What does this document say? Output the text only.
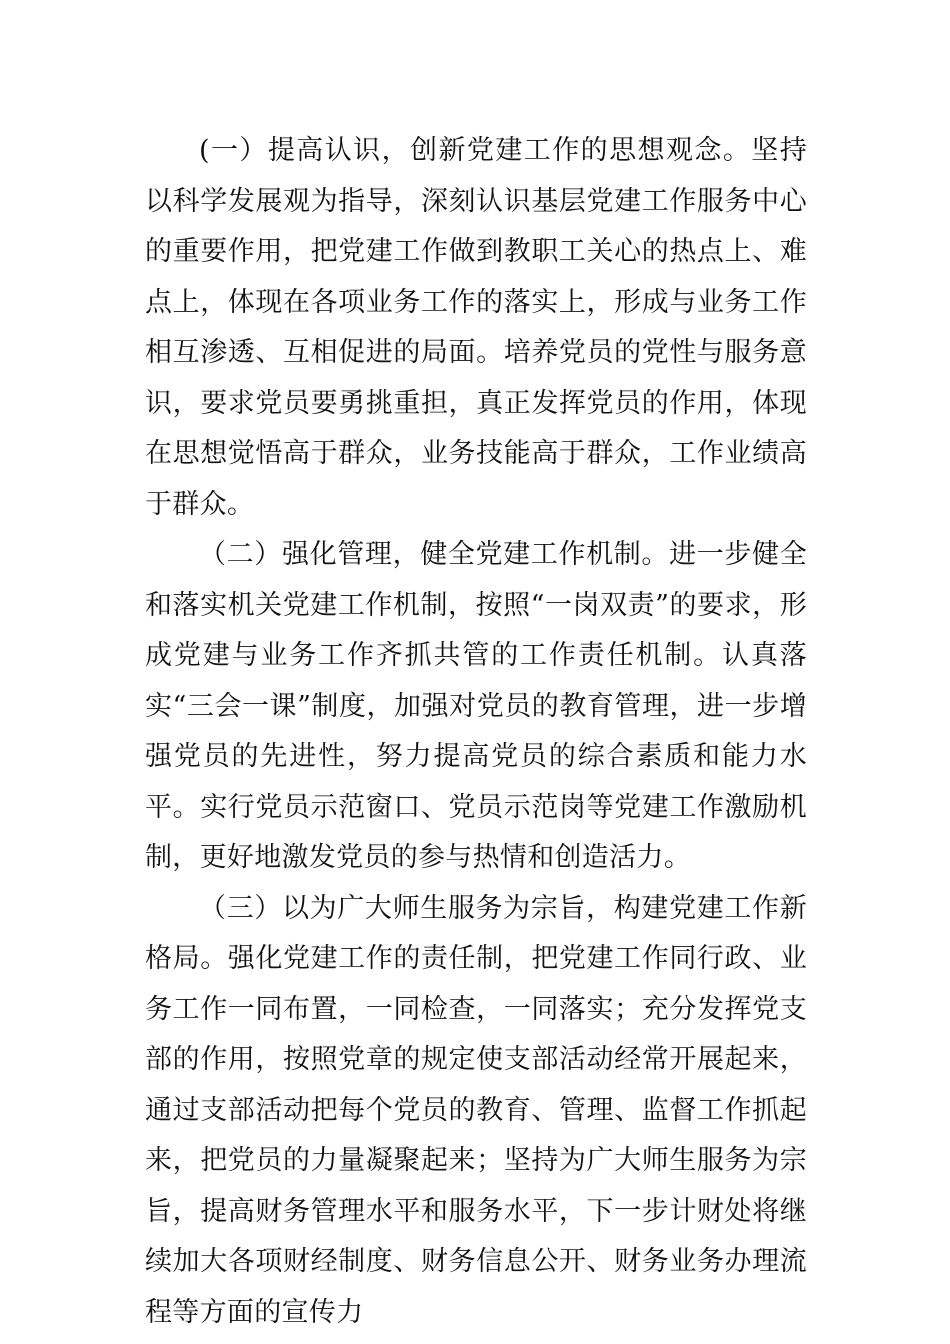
(一）提高认识，创新党建工作的思想观念。坚持以科学发展观为指导，深刻认识基层党建工作服务中心的重要作用，把党建工作做到教职工关心的热点上、难点上，体现在各项业务工作的落实上，形成与业务工作相互渗透、互相促进的局面。培养党员的党性与服务意识，要求党员要勇挑重担，真正发挥党员的作用，体现在思想觉悟高于群众，业务技能高于群众，工作业绩高于群众。

（二）强化管理，健全党建工作机制。进一步健全和落实机关党建工作机制，按照“一岗双责”的要求，形成党建与业务工作齐抓共管的工作责任机制。认真落实“三会一课”制度，加强对党员的教育管理，进一步增强党员的先进性，努力提高党员的综合素质和能力水平。实行党员示范窗口、党员示范岗等党建工作激励机制，更好地激发党员的参与热情和创造活力。

（三）以为广大师生服务为宗旨，构建党建工作新格局。强化党建工作的责任制，把党建工作同行政、业务工作一同布置，一同检查，一同落实；充分发挥党支部的作用，按照党章的规定使支部活动经常开展起来，通过支部活动把每个党员的教育、管理、监督工作抓起来，把党员的力量凝聚起来；坚持为广大师生服务为宗旨，提高财务管理水平和服务水平，下一步计财处将继续加大各项财经制度、财务信息公开、财务业务办理流程等方面的宣传力
